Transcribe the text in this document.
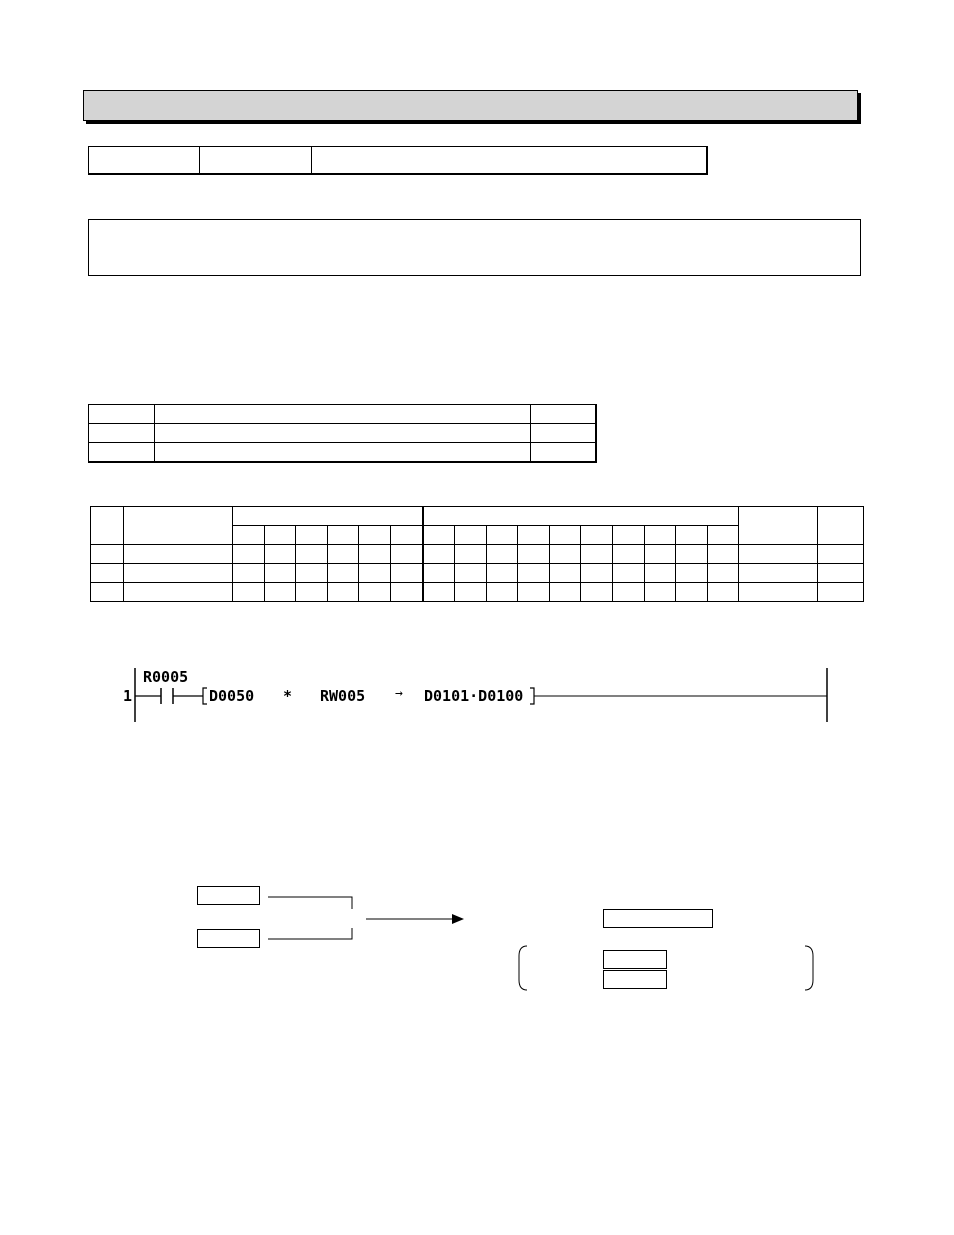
1
R0005
D0050 * RW005 → D0101·D0100
